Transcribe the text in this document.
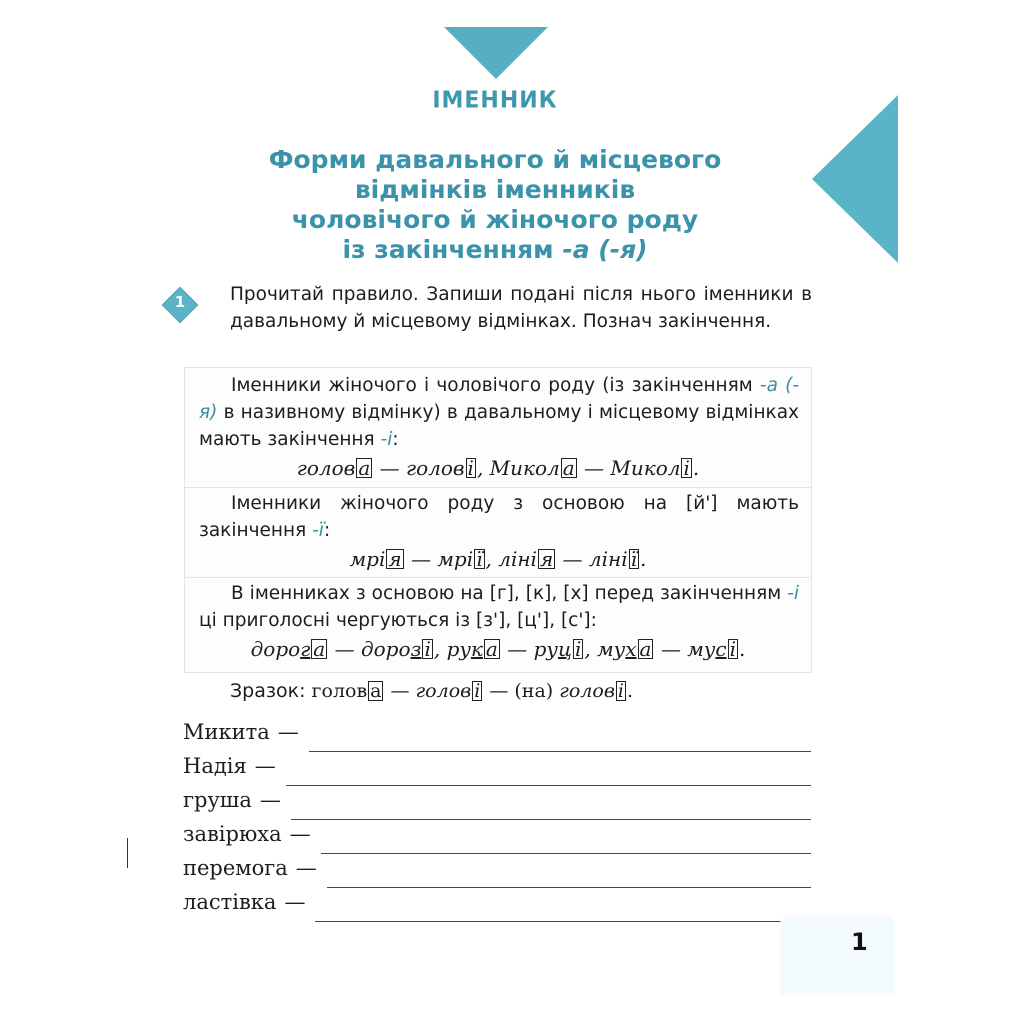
ІМЕННИК
Форми давального й місцевого
відмінків іменників
чоловічого й жіночого роду
із закінченням -а (-я)
1	Прочитай правило. Запиши подані після нього іменники в давальному й місцевому відмінках. Познач закінчення.

Іменники жіночого і чоловічого роду (із закінченням -а (-я) в називному відмінку) в давальному і місцевому відмінках мають закінчення -і:

голов а — голов і , Микол а — Микол і .

Іменники жіночого роду з основою на [й'] мають закінчення -ї:

мрі я — мрі ї , ліні я — ліні ї .

В іменниках з основою на [г], [к], [х] перед закінченням -і ці приголосні чергуються із [з'], [ц'], [с']:

дорог а — дороз і , рук а — руц і , мух а — мус і .
Зразок: голов а — голов і — (на) голов і .
Микита —
Надія —
груша —
завірюха —
перемога —
ластівка —
1
